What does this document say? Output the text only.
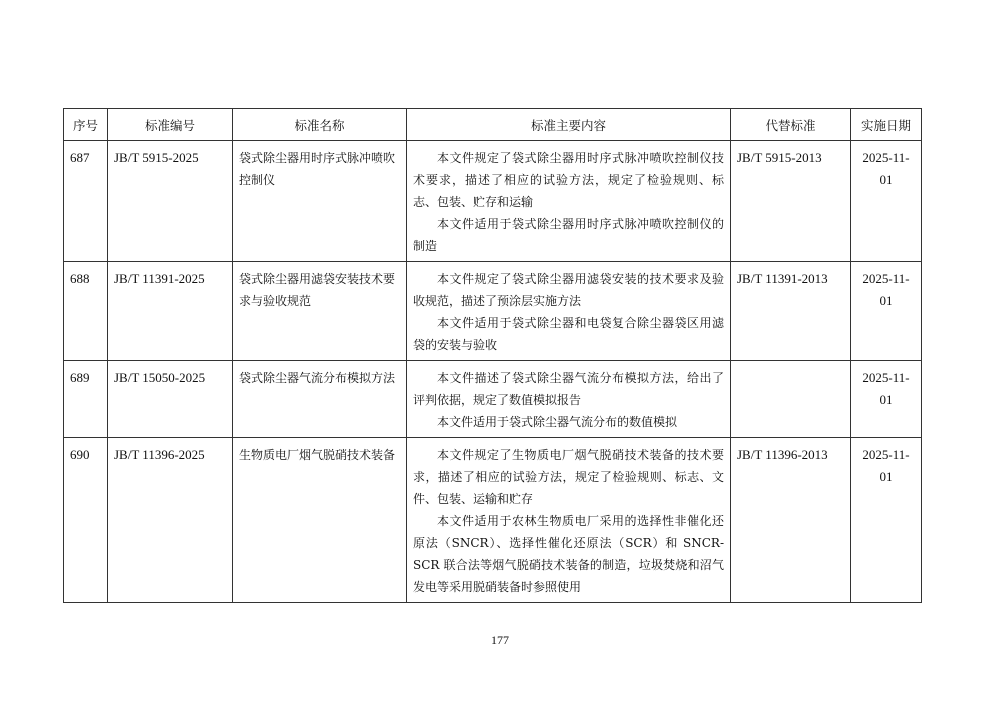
序号	标准编号	标准名称	标准主要内容	代替标准	实施日期
687	JB/T 5915-2025	袋式除尘器用时序式脉冲喷吹控制仪	本文件规定了袋式除尘器用时序式脉冲喷吹控制仪技术要求，描述了相应的试验方法，规定了检验规则、标志、包装、贮存和运输
本文件适用于袋式除尘器用时序式脉冲喷吹控制仪的制造	JB/T 5915-2013	2025-11-01
688	JB/T 11391-2025	袋式除尘器用滤袋安装技术要求与验收规范	本文件规定了袋式除尘器用滤袋安装的技术要求及验收规范，描述了预涂层实施方法
本文件适用于袋式除尘器和电袋复合除尘器袋区用滤袋的安装与验收	JB/T 11391-2013	2025-11-01
689	JB/T 15050-2025	袋式除尘器气流分布模拟方法	本文件描述了袋式除尘器气流分布模拟方法，给出了评判依据，规定了数值模拟报告
本文件适用于袋式除尘器气流分布的数值模拟		2025-11-01
690	JB/T 11396-2025	生物质电厂烟气脱硝技术装备	本文件规定了生物质电厂烟气脱硝技术装备的技术要求，描述了相应的试验方法，规定了检验规则、标志、文件、包装、运输和贮存
本文件适用于农林生物质电厂采用的选择性非催化还原法（SNCR）、选择性催化还原法（SCR）和 SNCR-SCR 联合法等烟气脱硝技术装备的制造，垃圾焚烧和沼气发电等采用脱硝装备时参照使用	JB/T 11396-2013	2025-11-01
177
